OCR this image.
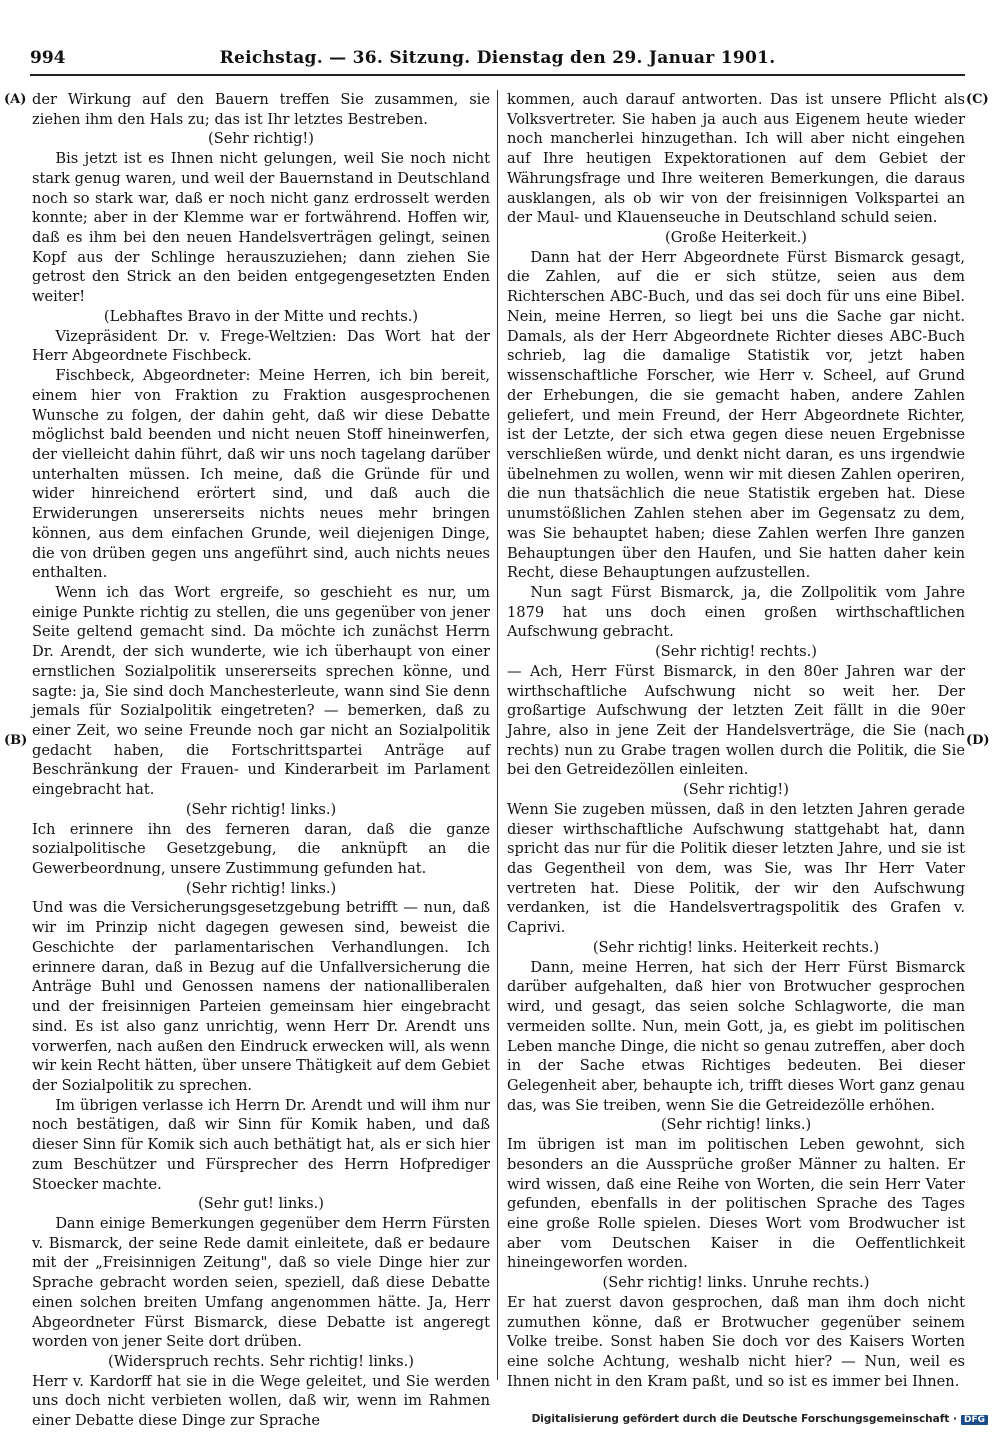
994	Reichstag. — 36. Sitzung. Dienstag den 29. Januar 1901.
(A)
(B)
(C)
(D)

der Wirkung auf den Bauern treffen Sie zusammen, sie ziehen ihm den Hals zu; das ist Ihr letztes Bestreben.

(Sehr richtig!)

Bis jetzt ist es Ihnen nicht gelungen, weil Sie noch nicht stark genug waren, und weil der Bauernstand in Deutschland noch so stark war, daß er noch nicht ganz erdrosselt werden konnte; aber in der Klemme war er fortwährend. Hoffen wir, daß es ihm bei den neuen Handelsverträgen gelingt, seinen Kopf aus der Schlinge herauszuziehen; dann ziehen Sie getrost den Strick an den beiden entgegengesetzten Enden weiter!

(Lebhaftes Bravo in der Mitte und rechts.)

Vizepräsident Dr. v. Frege-Weltzien: Das Wort hat der Herr Abgeordnete Fischbeck.

Fischbeck, Abgeordneter: Meine Herren, ich bin bereit, einem hier von Fraktion zu Fraktion ausgesprochenen Wunsche zu folgen, der dahin geht, daß wir diese Debatte möglichst bald beenden und nicht neuen Stoff hineinwerfen, der vielleicht dahin führt, daß wir uns noch tagelang darüber unterhalten müssen. Ich meine, daß die Gründe für und wider hinreichend erörtert sind, und daß auch die Erwiderungen unsererseits nichts neues mehr bringen können, aus dem einfachen Grunde, weil diejenigen Dinge, die von drüben gegen uns angeführt sind, auch nichts neues enthalten.

Wenn ich das Wort ergreife, so geschieht es nur, um einige Punkte richtig zu stellen, die uns gegenüber von jener Seite geltend gemacht sind. Da möchte ich zunächst Herrn Dr. Arendt, der sich wunderte, wie ich überhaupt von einer ernstlichen Sozialpolitik unsererseits sprechen könne, und sagte: ja, Sie sind doch Manchesterleute, wann sind Sie denn jemals für Sozialpolitik eingetreten? — bemerken, daß zu einer Zeit, wo seine Freunde noch gar nicht an Sozialpolitik gedacht haben, die Fortschrittspartei Anträge auf Beschränkung der Frauen- und Kinderarbeit im Parlament eingebracht hat.

(Sehr richtig! links.)

Ich erinnere ihn des ferneren daran, daß die ganze sozialpolitische Gesetzgebung, die anknüpft an die Gewerbeordnung, unsere Zustimmung gefunden hat.

(Sehr richtig! links.)

Und was die Versicherungsgesetzgebung betrifft — nun, daß wir im Prinzip nicht dagegen gewesen sind, beweist die Geschichte der parlamentarischen Verhandlungen. Ich erinnere daran, daß in Bezug auf die Unfallversicherung die Anträge Buhl und Genossen namens der nationalliberalen und der freisinnigen Parteien gemeinsam hier eingebracht sind. Es ist also ganz unrichtig, wenn Herr Dr. Arendt uns vorwerfen, nach außen den Eindruck erwecken will, als wenn wir kein Recht hätten, über unsere Thätigkeit auf dem Gebiet der Sozialpolitik zu sprechen.

Im übrigen verlasse ich Herrn Dr. Arendt und will ihm nur noch bestätigen, daß wir Sinn für Komik haben, und daß dieser Sinn für Komik sich auch bethätigt hat, als er sich hier zum Beschützer und Fürsprecher des Herrn Hofprediger Stoecker machte.

(Sehr gut! links.)

Dann einige Bemerkungen gegenüber dem Herrn Fürsten v. Bismarck, der seine Rede damit einleitete, daß er bedaure mit der „Freisinnigen Zeitung", daß so viele Dinge hier zur Sprache gebracht worden seien, speziell, daß diese Debatte einen solchen breiten Umfang angenommen hätte. Ja, Herr Abgeordneter Fürst Bismarck, diese Debatte ist angeregt worden von jener Seite dort drüben.

(Widerspruch rechts. Sehr richtig! links.)

Herr v. Kardorff hat sie in die Wege geleitet, und Sie werden uns doch nicht verbieten wollen, daß wir, wenn im Rahmen einer Debatte diese Dinge zur Sprache

kommen, auch darauf antworten. Das ist unsere Pflicht als Volksvertreter. Sie haben ja auch aus Eigenem heute wieder noch mancherlei hinzugethan. Ich will aber nicht eingehen auf Ihre heutigen Expektorationen auf dem Gebiet der Währungsfrage und Ihre weiteren Bemerkungen, die daraus ausklangen, als ob wir von der freisinnigen Volkspartei an der Maul- und Klauenseuche in Deutschland schuld seien.

(Große Heiterkeit.)

Dann hat der Herr Abgeordnete Fürst Bismarck gesagt, die Zahlen, auf die er sich stütze, seien aus dem Richterschen ABC-Buch, und das sei doch für uns eine Bibel. Nein, meine Herren, so liegt bei uns die Sache gar nicht. Damals, als der Herr Abgeordnete Richter dieses ABC-Buch schrieb, lag die damalige Statistik vor, jetzt haben wissenschaftliche Forscher, wie Herr v. Scheel, auf Grund der Erhebungen, die sie gemacht haben, andere Zahlen geliefert, und mein Freund, der Herr Abgeordnete Richter, ist der Letzte, der sich etwa gegen diese neuen Ergebnisse verschließen würde, und denkt nicht daran, es uns irgendwie übelnehmen zu wollen, wenn wir mit diesen Zahlen operiren, die nun thatsächlich die neue Statistik ergeben hat. Diese unumstößlichen Zahlen stehen aber im Gegensatz zu dem, was Sie behauptet haben; diese Zahlen werfen Ihre ganzen Behauptungen über den Haufen, und Sie hatten daher kein Recht, diese Behauptungen aufzustellen.

Nun sagt Fürst Bismarck, ja, die Zollpolitik vom Jahre 1879 hat uns doch einen großen wirthschaftlichen Aufschwung gebracht.

(Sehr richtig! rechts.)

— Ach, Herr Fürst Bismarck, in den 80er Jahren war der wirthschaftliche Aufschwung nicht so weit her. Der großartige Aufschwung der letzten Zeit fällt in die 90er Jahre, also in jene Zeit der Handelsverträge, die Sie (nach rechts) nun zu Grabe tragen wollen durch die Politik, die Sie bei den Getreidezöllen einleiten.

(Sehr richtig!)

Wenn Sie zugeben müssen, daß in den letzten Jahren gerade dieser wirthschaftliche Aufschwung stattgehabt hat, dann spricht das nur für die Politik dieser letzten Jahre, und sie ist das Gegentheil von dem, was Sie, was Ihr Herr Vater vertreten hat. Diese Politik, der wir den Aufschwung verdanken, ist die Handelsvertragspolitik des Grafen v. Caprivi.

(Sehr richtig! links. Heiterkeit rechts.)

Dann, meine Herren, hat sich der Herr Fürst Bismarck darüber aufgehalten, daß hier von Brotwucher gesprochen wird, und gesagt, das seien solche Schlagworte, die man vermeiden sollte. Nun, mein Gott, ja, es giebt im politischen Leben manche Dinge, die nicht so genau zutreffen, aber doch in der Sache etwas Richtiges bedeuten. Bei dieser Gelegenheit aber, behaupte ich, trifft dieses Wort ganz genau das, was Sie treiben, wenn Sie die Getreidezölle erhöhen.

(Sehr richtig! links.)

Im übrigen ist man im politischen Leben gewohnt, sich besonders an die Aussprüche großer Männer zu halten. Er wird wissen, daß eine Reihe von Worten, die sein Herr Vater gefunden, ebenfalls in der politischen Sprache des Tages eine große Rolle spielen. Dieses Wort vom Brodwucher ist aber vom Deutschen Kaiser in die Oeffentlichkeit hineingeworfen worden.

(Sehr richtig! links. Unruhe rechts.)

Er hat zuerst davon gesprochen, daß man ihm doch nicht zumuthen könne, daß er Brotwucher gegenüber seinem Volke treibe. Sonst haben Sie doch vor des Kaisers Worten eine solche Achtung, weshalb nicht hier? — Nun, weil es Ihnen nicht in den Kram paßt, und so ist es immer bei Ihnen.

Digitalisierung gefördert durch die Deutsche Forschungsgemeinschaft · DFG
